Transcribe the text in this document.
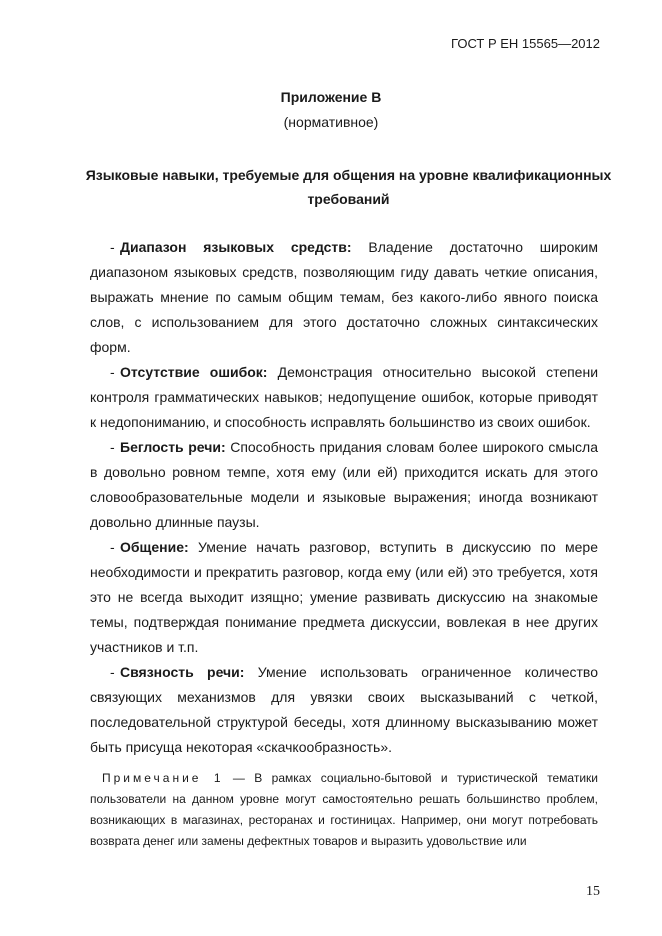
ГОСТ Р ЕН 15565—2012
Приложение В
(нормативное)
Языковые навыки, требуемые для общения на уровне квалификационных требований

- Диапазон языковых средств: Владение достаточно широким диапазоном языковых средств, позволяющим гиду давать четкие описания, выражать мнение по самым общим темам, без какого-либо явного поиска слов, с использованием для этого достаточно сложных синтаксических форм.

- Отсутствие ошибок: Демонстрация относительно высокой степени контроля грамматических навыков; недопущение ошибок, которые приводят к недопониманию, и способность исправлять большинство из своих ошибок.

- Беглость речи: Способность придания словам более широкого смысла в довольно ровном темпе, хотя ему (или ей) приходится искать для этого словообразовательные модели и языковые выражения; иногда возникают довольно длинные паузы.

- Общение: Умение начать разговор, вступить в дискуссию по мере необходимости и прекратить разговор, когда ему (или ей) это требуется, хотя это не всегда выходит изящно; умение развивать дискуссию на знакомые темы, подтверждая понимание предмета дискуссии, вовлекая в нее других участников и т.п.

- Связность речи: Умение использовать ограниченное количество связующих механизмов для увязки своих высказываний с четкой, последовательной структурой беседы, хотя длинному высказыванию может быть присуща некоторая «скачкообразность».

Примечание 1 — В рамках социально-бытовой и туристической тематики пользователи на данном уровне могут самостоятельно решать большинство проблем, возникающих в магазинах, ресторанах и гостиницах. Например, они могут потребовать возврата денег или замены дефектных товаров и выразить удовольствие или

15
